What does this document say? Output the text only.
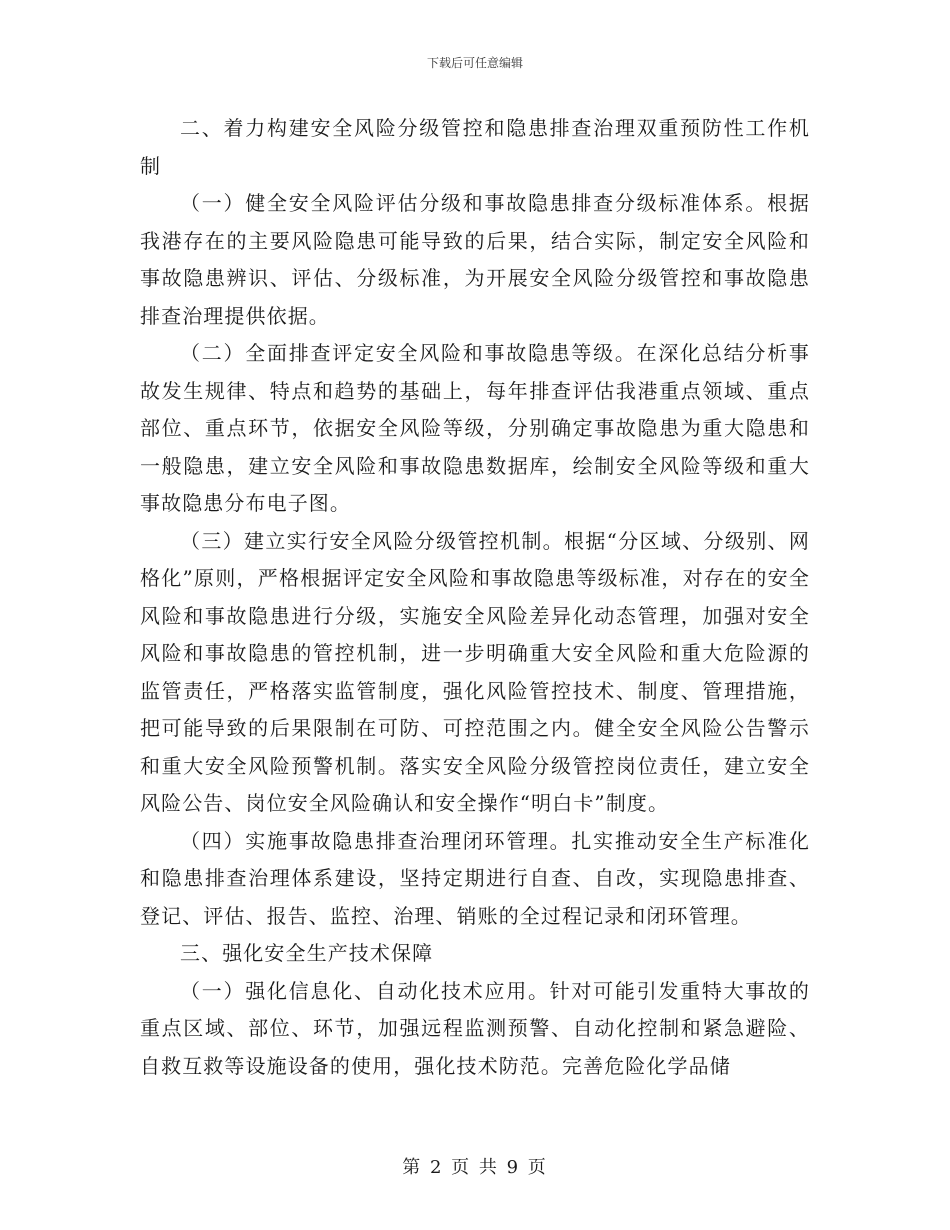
下载后可任意编辑

二、着力构建安全风险分级管控和隐患排查治理双重预防性工作机制

（一）健全安全风险评估分级和事故隐患排查分级标准体系。根据我港存在的主要风险隐患可能导致的后果，结合实际，制定安全风险和事故隐患辨识、评估、分级标准，为开展安全风险分级管控和事故隐患排查治理提供依据。

（二）全面排查评定安全风险和事故隐患等级。在深化总结分析事故发生规律、特点和趋势的基础上，每年排查评估我港重点领域、重点部位、重点环节，依据安全风险等级，分别确定事故隐患为重大隐患和一般隐患，建立安全风险和事故隐患数据库，绘制安全风险等级和重大事故隐患分布电子图。

（三）建立实行安全风险分级管控机制。根据“分区域、分级别、网格化”原则，严格根据评定安全风险和事故隐患等级标准，对存在的安全风险和事故隐患进行分级，实施安全风险差异化动态管理，加强对安全风险和事故隐患的管控机制，进一步明确重大安全风险和重大危险源的监管责任，严格落实监管制度，强化风险管控技术、制度、管理措施，把可能导致的后果限制在可防、可控范围之内。健全安全风险公告警示和重大安全风险预警机制。落实安全风险分级管控岗位责任，建立安全风险公告、岗位安全风险确认和安全操作“明白卡”制度。

（四）实施事故隐患排查治理闭环管理。扎实推动安全生产标准化和隐患排查治理体系建设，坚持定期进行自查、自改，实现隐患排查、登记、评估、报告、监控、治理、销账的全过程记录和闭环管理。

三、强化安全生产技术保障

（一）强化信息化、自动化技术应用。针对可能引发重特大事故的重点区域、部位、环节，加强远程监测预警、自动化控制和紧急避险、自救互救等设施设备的使用，强化技术防范。完善危险化学品储

第 2 页 共 9 页
